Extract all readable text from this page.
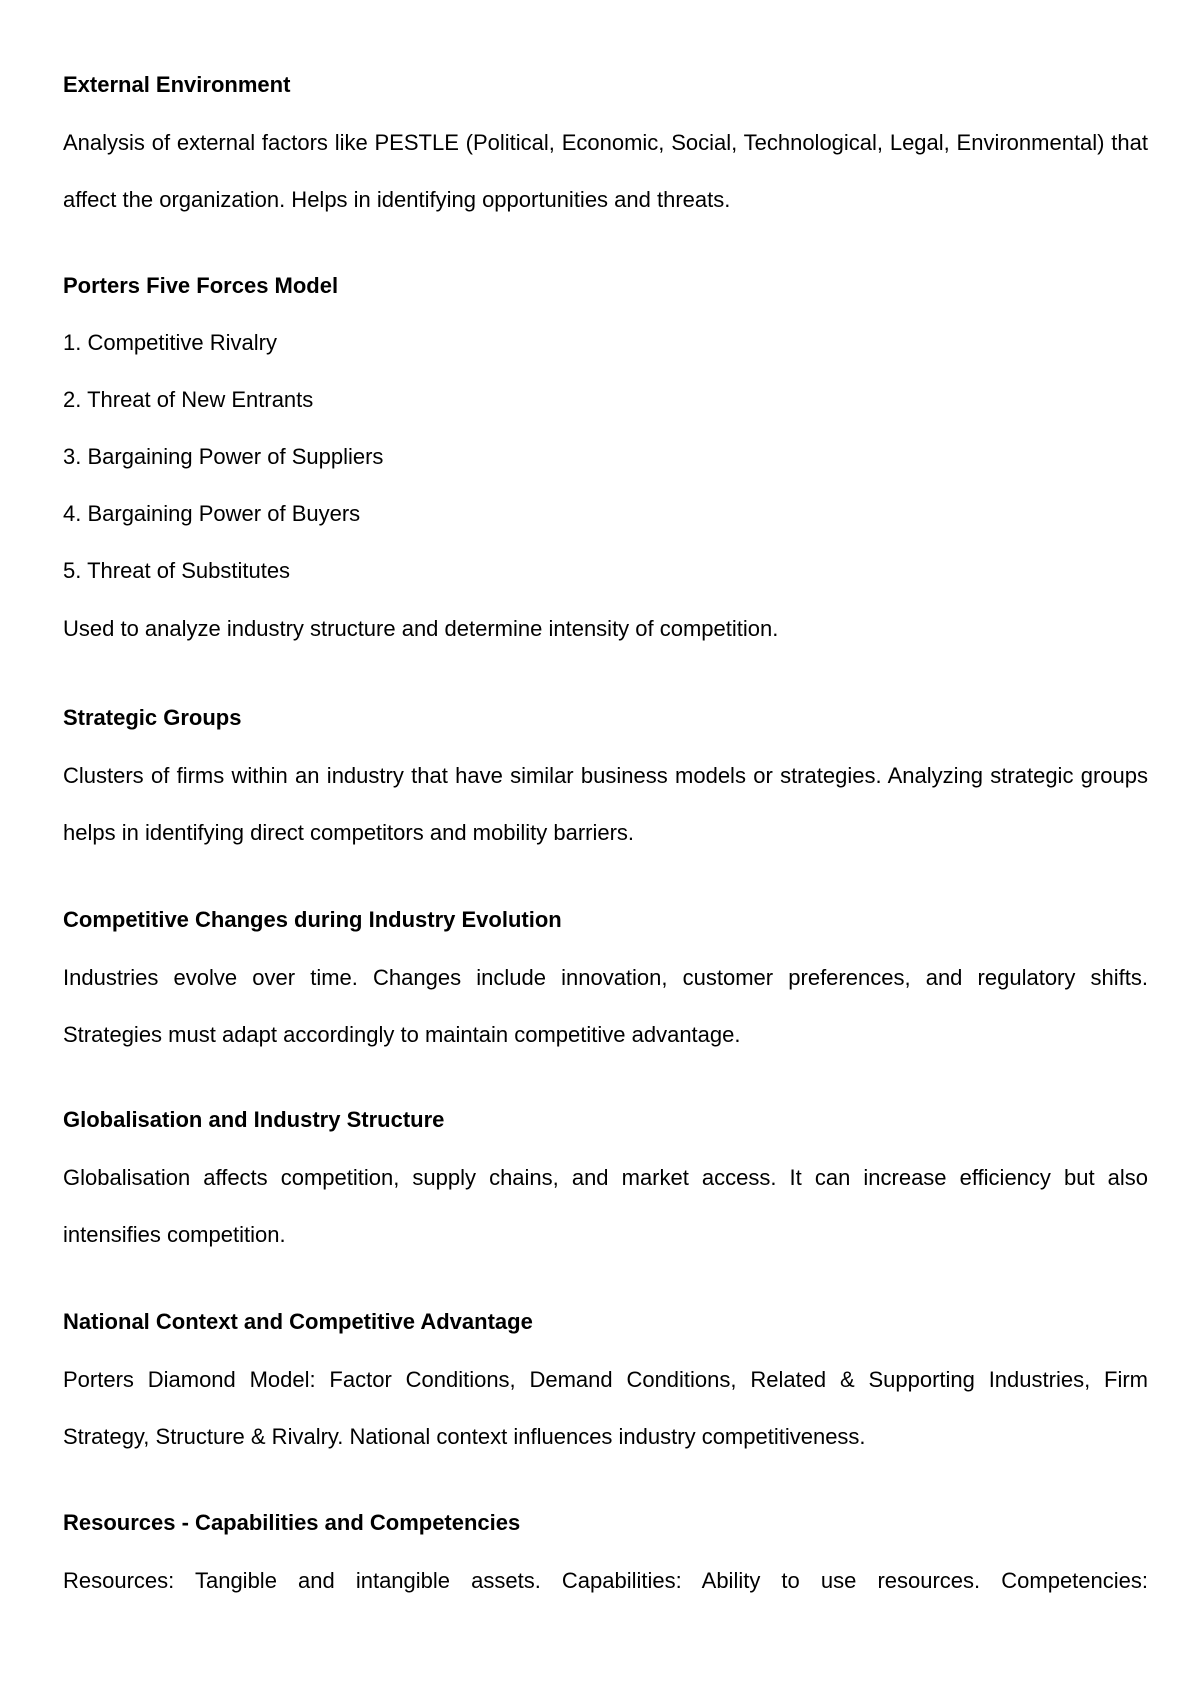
External Environment

Analysis of external factors like PESTLE (Political, Economic, Social, Technological, Legal, Environmental) that affect the organization. Helps in identifying opportunities and threats.

Porters Five Forces Model

1. Competitive Rivalry

2. Threat of New Entrants

3. Bargaining Power of Suppliers

4. Bargaining Power of Buyers

5. Threat of Substitutes

Used to analyze industry structure and determine intensity of competition.

Strategic Groups

Clusters of firms within an industry that have similar business models or strategies. Analyzing strategic groups helps in identifying direct competitors and mobility barriers.

Competitive Changes during Industry Evolution

Industries evolve over time. Changes include innovation, customer preferences, and regulatory shifts. Strategies must adapt accordingly to maintain competitive advantage.

Globalisation and Industry Structure

Globalisation affects competition, supply chains, and market access. It can increase efficiency but also intensifies competition.

National Context and Competitive Advantage

Porters Diamond Model: Factor Conditions, Demand Conditions, Related & Supporting Industries, Firm Strategy, Structure & Rivalry. National context influences industry competitiveness.

Resources - Capabilities and Competencies

Resources: Tangible and intangible assets. Capabilities: Ability to use resources. Competencies:
